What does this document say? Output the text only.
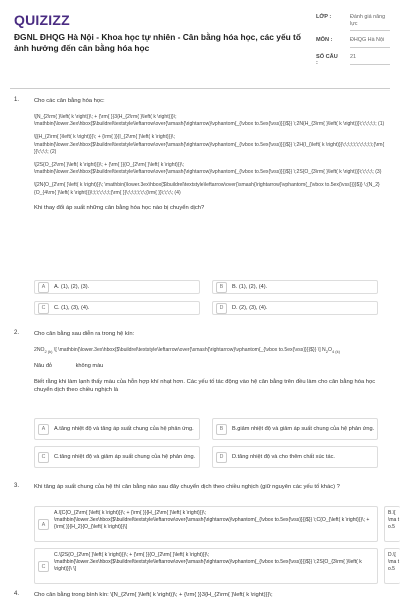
QUIZIZZ
ĐGNL ĐHQG Hà Nội - Khoa học tự nhiên - Cân bằng hóa học, các yếu tố ảnh hưởng đến cân bằng hóa học
LỚP :	Đánh giá năng lực
MÔN :	ĐHQG Hà Nội
SỐ CÂU :
21
1.	Cho các cân bằng hóa học:

\[N_{2\rm{ }\left( k \right)}\; + {\rm{ }}3{H_{2\rm{ }\left( k \right)}}\; \mathbin{\lower.3ex\hbox{$\buildrel\textstyle\leftarrow\over{\smash{\rightarrow}\vphantom{_{\vbox to.5ex{\vss}}}}$}} \;2N{H_{3\rm{ }\left( k \right)}}\;\;\;\;\;\; (1)

\[{H_{2\rm{ }\left( k \right)}}\; + {\rm{ }}{I_{2\rm{ }\left( k \right)}}\; \mathbin{\lower.3ex\hbox{$\buildrel\textstyle\leftarrow\over{\smash{\rightarrow}\vphantom{_{\vbox to.5ex{\vss}}}}$}} \;2H{I_{\left( k \right)}}\;\;\;\;\;\;\;\;\;\;\;{\rm{ }}\;\;\;\; (2)

\[2S{O_{2\rm{ }\left( k \right)}}\; + {\rm{ }}{O_{2\rm{ }\left( k \right)}}\; \mathbin{\lower.3ex\hbox{$\buildrel\textstyle\leftarrow\over{\smash{\rightarrow}\vphantom{_{\vbox to.5ex{\vss}}}}$}} \;2S{O_{3\rm{ }\left( k \right)}}\;\;\;\;\; (3)

\[2N{O_{2\rm{ }\left( k \right)}}\; \mathbin{\lower.3ex\hbox{$\buildrel\textstyle\leftarrow\over{\smash{\rightarrow}\vphantom{_{\vbox to.5ex{\vss}}}}$}} \;{N_2}{O_{4\rm{ }\left( k \right)}}\;\;\;\;\;\;\;{\rm{ }}\;\;\;\;\;\;\;{\rm{ }}\;\;\;\; (4)

Khi thay đổi áp suất những cân bằng hóa học nào bị chuyển dịch?
A	A. (1), (2), (3).	B	B. (1), (2), (4).
C	C. (1), (3), (4).	D	D. (2), (3), (4).
2.	Cho cân bằng sau diễn ra trong hệ kín:
$2NO_{2 (k)}$ \[ \mathbin{\lower.3ex\hbox{$\buildrel\textstyle\leftarrow\over{\smash{\rightarrow}\vphantom{_{\vbox to.5ex{\vss}}}}$}} \] $N_2O_{4 (k)}$
Nâu đỏ	không màu
Biết rằng khi làm lạnh thấy màu của hỗn hợp khí nhạt hơn. Các yếu tố tác động vào hệ cân bằng trên đều làm cho cân bằng hóa học chuyển dịch theo chiều nghịch là
A	A.tăng nhiệt độ và tăng áp suất chung của hệ phản ứng.	B	B.giảm nhiệt độ và giảm áp suất chung của hệ phản ứng.
C	C.tăng nhiệt độ và giảm áp suất chung của hệ phản ứng.	D	D.tăng nhiệt độ và cho thêm chất xúc tác.
3.	Khi tăng áp suất chung của hệ thì cân bằng nào sau đây chuyển dịch theo chiều nghịch (giữ nguyên các yếu tố khác) ?
A
A.\[C{O_{2\rm{ }\left( k \right)}}\; + {\rm{ }}{H_{2\rm{ }\left( k \right)}}\; \mathbin{\lower.3ex\hbox{$\buildrel\textstyle\leftarrow\over{\smash{\rightarrow}\vphantom{_{\vbox to.5ex{\vss}}}}$}} \;C{O_{\left( k \right)}}\; + {\rm{ }}{H_2}{O_{\left( k \right)}}\]
B.\[ \ma to.5
C
C.\[2S{O_{2\rm{ }\left( k \right)}}\; + {\rm{ }}{O_{2\rm{ }\left( k \right)}}\; \mathbin{\lower.3ex\hbox{$\buildrel\textstyle\leftarrow\over{\smash{\rightarrow}\vphantom{_{\vbox to.5ex{\vss}}}}$}} \;2S{O_{3\rm{ }\left( k \right)}}\ \]
D.\[ \ma to.5
4.	Cho cân bằng trong bình kín: \[N_{2\rm{ }\left( k \right)}\; + {\rm{ }}3{H_{2\rm{ }\left( k \right)}}\;
